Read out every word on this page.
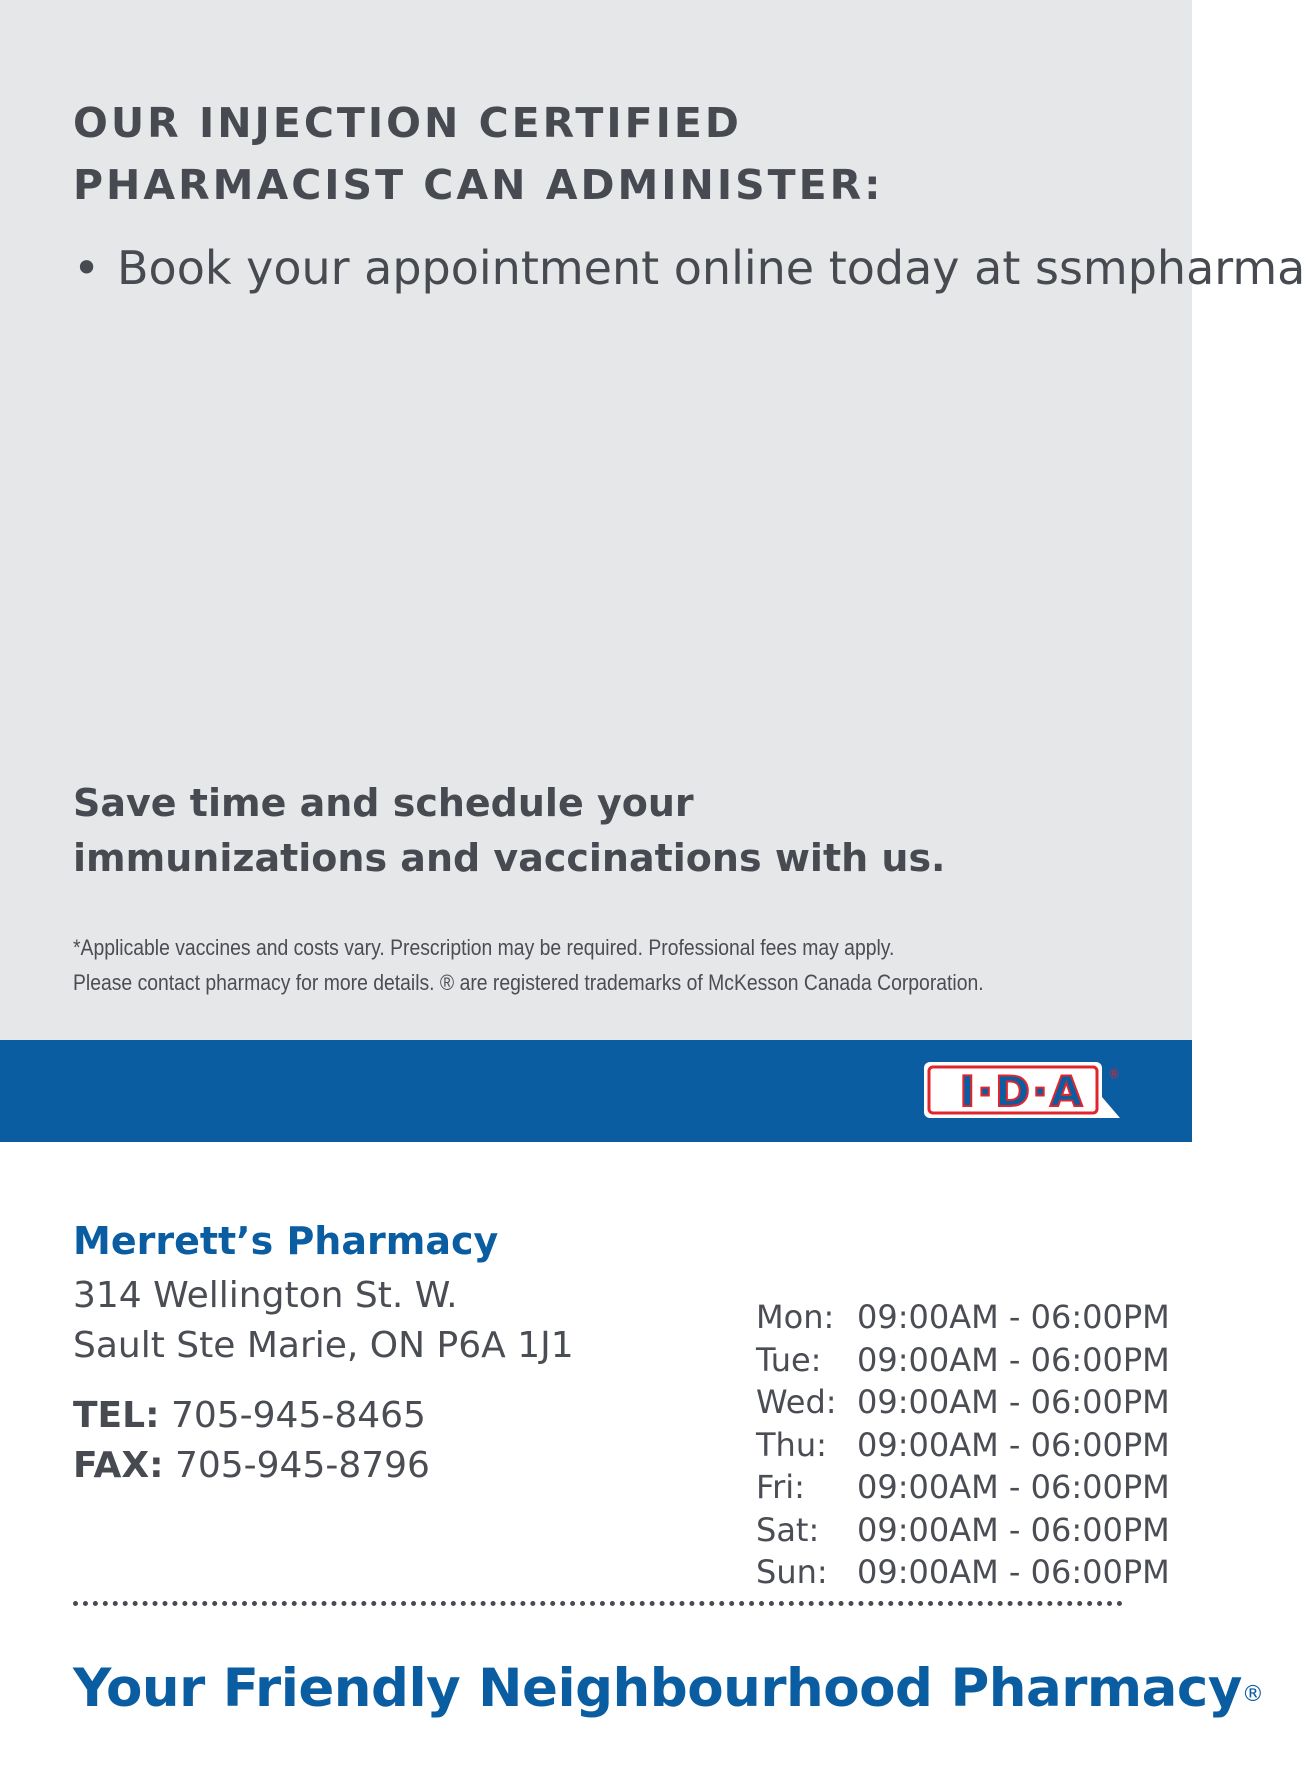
OUR INJECTION CERTIFIED
PHARMACIST CAN ADMINISTER:
• Book your appointment online today at ssmpharma
Save time and schedule your
immunizations and vaccinations with us.
*Applicable vaccines and costs vary. Prescription may be required. Professional fees may apply.
Please contact pharmacy for more details. ® are registered trademarks of McKesson Canada Corporation.
I·D·A ®
Merrett’s Pharmacy
314 Wellington St. W.
Sault Ste Marie, ON P6A 1J1
TEL: 705-945-8465
FAX: 705-945-8796
Mon: 09:00AM - 06:00PM
Tue:	09:00AM - 06:00PM
Wed: 09:00AM - 06:00PM
Thu: 09:00AM - 06:00PM
Fri:	09:00AM - 06:00PM
Sat:	09:00AM - 06:00PM
Sun: 09:00AM - 06:00PM
Your Friendly Neighbourhood Pharmacy®
